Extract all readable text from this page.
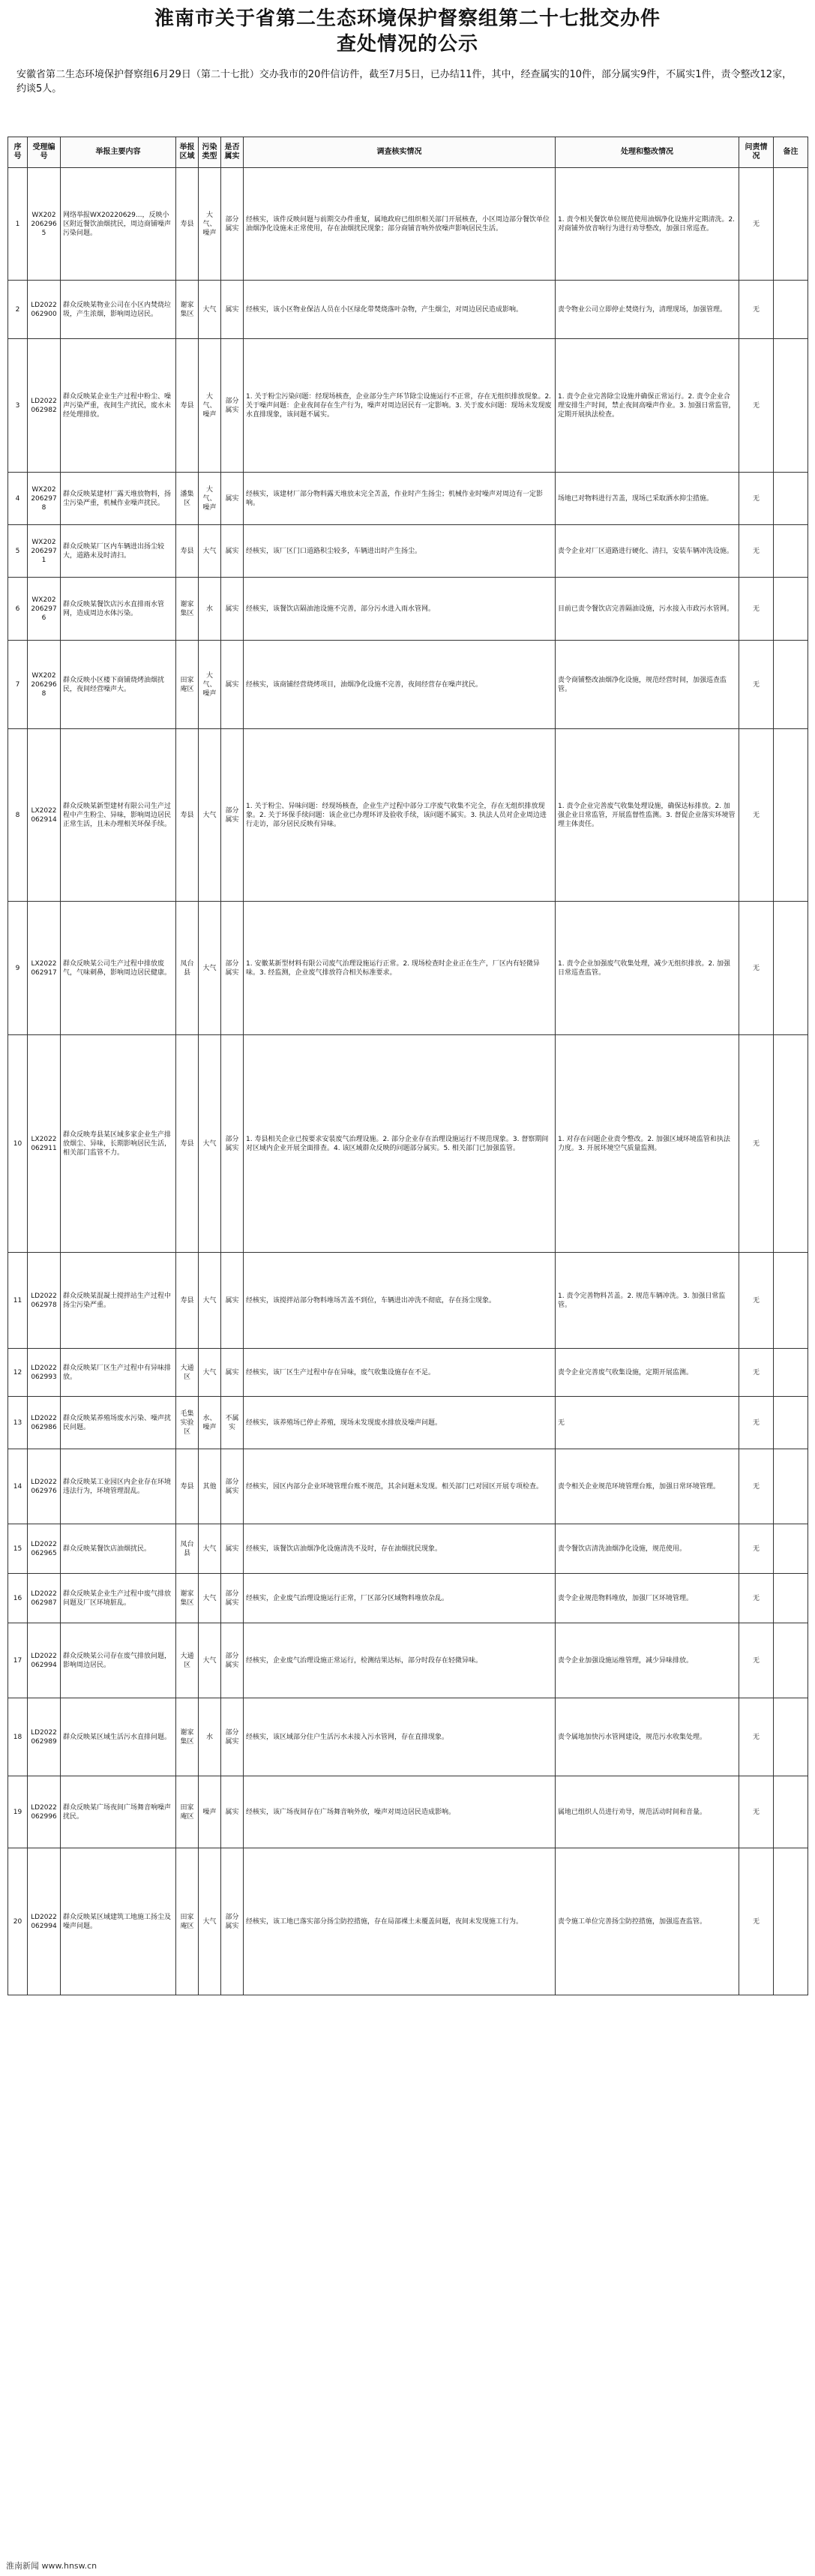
淮南市关于省第二生态环境保护督察组第二十七批交办件
查处情况的公示
安徽省第二生态环境保护督察组6月29日（第二十七批）交办我市的20件信访件，截至7月5日，已办结11件，其中，经查属实的10件，部分属实9件，不属实1件，责令整改12家，约谈5人。
序号	受理编号	举报主要内容	举报区域	污染类型	是否属实	调查核实情况	处理和整改情况	问责情况	备注
1	WX2022062965	网络举报WX20220629...，反映小区附近餐饮油烟扰民，周边商铺噪声污染问题。	寿县	大气、噪声	部分属实	经核实，该件反映问题与前期交办件重复，属地政府已组织相关部门开展核查，小区周边部分餐饮单位油烟净化设施未正常使用，存在油烟扰民现象；部分商铺音响外放噪声影响居民生活。	1. 责令相关餐饮单位规范使用油烟净化设施并定期清洗。2. 对商铺外放音响行为进行劝导整改，加强日常巡查。	无	
2	LD2022062900	群众反映某物业公司在小区内焚烧垃圾，产生浓烟，影响周边居民。	谢家集区	大气	属实	经核实，该小区物业保洁人员在小区绿化带焚烧落叶杂物，产生烟尘，对周边居民造成影响。	责令物业公司立即停止焚烧行为，清理现场，加强管理。	无	
3	LD2022062982	群众反映某企业生产过程中粉尘、噪声污染严重，夜间生产扰民，废水未经处理排放。	寿县	大气、噪声	部分属实	1. 关于粉尘污染问题：经现场核查，企业部分生产环节除尘设施运行不正常，存在无组织排放现象。2. 关于噪声问题：企业夜间存在生产行为，噪声对周边居民有一定影响。3. 关于废水问题：现场未发现废水直排现象，该问题不属实。	1. 责令企业完善除尘设施并确保正常运行。2. 责令企业合理安排生产时间，禁止夜间高噪声作业。3. 加强日常监管，定期开展执法检查。	无	
4	WX2022062978	群众反映某建材厂露天堆放物料，扬尘污染严重，机械作业噪声扰民。	潘集区	大气、噪声	属实	经核实，该建材厂部分物料露天堆放未完全苫盖，作业时产生扬尘；机械作业时噪声对周边有一定影响。	场地已对物料进行苫盖，现场已采取洒水抑尘措施。	无	
5	WX2022062971	群众反映某厂区内车辆进出扬尘较大，道路未及时清扫。	寿县	大气	属实	经核实，该厂区门口道路积尘较多，车辆进出时产生扬尘。	责令企业对厂区道路进行硬化、清扫，安装车辆冲洗设施。	无	
6	WX2022062976	群众反映某餐饮店污水直排雨水管网，造成周边水体污染。	谢家集区	水	属实	经核实，该餐饮店隔油池设施不完善，部分污水进入雨水管网。	目前已责令餐饮店完善隔油设施，污水接入市政污水管网。	无	
7	WX2022062968	群众反映小区楼下商铺烧烤油烟扰民，夜间经营噪声大。	田家庵区	大气、噪声	属实	经核实，该商铺经营烧烤项目，油烟净化设施不完善，夜间经营存在噪声扰民。	责令商铺整改油烟净化设施，规范经营时间，加强巡查监管。	无	
8	LX2022062914	群众反映某新型建材有限公司生产过程中产生粉尘、异味，影响周边居民正常生活，且未办理相关环保手续。	寿县	大气	部分属实	1. 关于粉尘、异味问题：经现场核查，企业生产过程中部分工序废气收集不完全，存在无组织排放现象。2. 关于环保手续问题：该企业已办理环评及验收手续，该问题不属实。3. 执法人员对企业周边进行走访，部分居民反映有异味。	1. 责令企业完善废气收集处理设施，确保达标排放。2. 加强企业日常监管，开展监督性监测。3. 督促企业落实环境管理主体责任。	无	
9	LX2022062917	群众反映某公司生产过程中排放废气，气味刺鼻，影响周边居民健康。	凤台县	大气	部分属实	1. 安徽某新型材料有限公司废气治理设施运行正常。2. 现场检查时企业正在生产，厂区内有轻微异味。3. 经监测，企业废气排放符合相关标准要求。	1. 责令企业加强废气收集处理，减少无组织排放。2. 加强日常巡查监管。	无	
10	LX2022062911	群众反映寿县某区域多家企业生产排放烟尘、异味，长期影响居民生活，相关部门监管不力。	寿县	大气	部分属实	1. 寿县相关企业已按要求安装废气治理设施。2. 部分企业存在治理设施运行不规范现象。3. 督察期间对区域内企业开展全面排查。4. 该区域群众反映的问题部分属实。5. 相关部门已加强监管。	1. 对存在问题企业责令整改。2. 加强区域环境监管和执法力度。3. 开展环境空气质量监测。	无	
11	LD2022062978	群众反映某混凝土搅拌站生产过程中扬尘污染严重。	寿县	大气	属实	经核实，该搅拌站部分物料堆场苫盖不到位，车辆进出冲洗不彻底，存在扬尘现象。	1. 责令完善物料苫盖。2. 规范车辆冲洗。3. 加强日常监管。	无	
12	LD2022062993	群众反映某厂区生产过程中有异味排放。	大通区	大气	属实	经核实，该厂区生产过程中存在异味，废气收集设施存在不足。	责令企业完善废气收集设施，定期开展监测。	无	
13	LD2022062986	群众反映某养殖场废水污染、噪声扰民问题。	毛集实验区	水、噪声	不属实	经核实，该养殖场已停止养殖，现场未发现废水排放及噪声问题。	无	无	
14	LD2022062976	群众反映某工业园区内企业存在环境违法行为，环境管理混乱。	寿县	其他	部分属实	经核实，园区内部分企业环境管理台账不规范，其余问题未发现。相关部门已对园区开展专项检查。	责令相关企业规范环境管理台账，加强日常环境管理。	无	
15	LD2022062965	群众反映某餐饮店油烟扰民。	凤台县	大气	属实	经核实，该餐饮店油烟净化设施清洗不及时，存在油烟扰民现象。	责令餐饮店清洗油烟净化设施，规范使用。	无	
16	LD2022062987	群众反映某企业生产过程中废气排放问题及厂区环境脏乱。	谢家集区	大气	部分属实	经核实，企业废气治理设施运行正常，厂区部分区域物料堆放杂乱。	责令企业规范物料堆放，加强厂区环境管理。	无	
17	LD2022062994	群众反映某公司存在废气排放问题，影响周边居民。	大通区	大气	部分属实	经核实，企业废气治理设施正常运行，检测结果达标，部分时段存在轻微异味。	责令企业加强设施运维管理，减少异味排放。	无	
18	LD2022062989	群众反映某区域生活污水直排问题。	谢家集区	水	部分属实	经核实，该区域部分住户生活污水未接入污水管网，存在直排现象。	责令属地加快污水管网建设，规范污水收集处理。	无	
19	LD2022062996	群众反映某广场夜间广场舞音响噪声扰民。	田家庵区	噪声	属实	经核实，该广场夜间存在广场舞音响外放，噪声对周边居民造成影响。	属地已组织人员进行劝导，规范活动时间和音量。	无	
20	LD2022062994	群众反映某区域建筑工地施工扬尘及噪声问题。	田家庵区	大气	部分属实	经核实，该工地已落实部分扬尘防控措施，存在局部裸土未覆盖问题，夜间未发现施工行为。	责令施工单位完善扬尘防控措施，加强巡查监管。	无	
淮南新闻 www.hnsw.cn
